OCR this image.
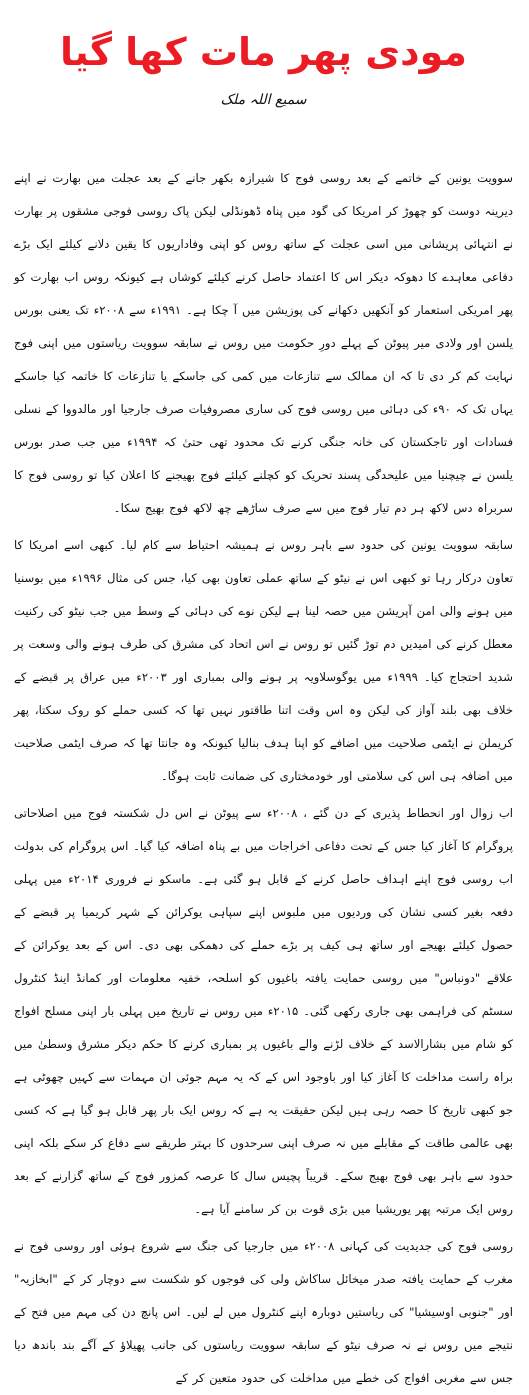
مودی پھر مات کھا گیا
سمیع اللہ ملک

سوویت یونین کے خاتمے کے بعد روسی فوج کا شیرازہ بکھر جانے کے بعد عجلت میں بھارت نے اپنے دیرینہ دوست کو چھوڑ کر امریکا کی گود میں پناہ ڈھونڈلی لیکن پاک روسی فوجی مشقوں پر بھارت نے انتہائی پریشانی میں اسی عجلت کے ساتھ روس کو اپنی وفاداریوں کا یقین دلانے کیلئے ایک بڑے دفاعی معاہدے کا دھوکہ دیکر اس کا اعتماد حاصل کرنے کیلئے کوشاں ہے کیونکہ روس اب بھارت کو پھر امریکی استعمار کو آنکھیں دکھانے کی پوزیشن میں آ چکا ہے۔ ۱۹۹۱ء سے ۲۰۰۸ء تک یعنی بورس یلسن اور ولادی میر پیوٹن کے پہلے دورِ حکومت میں روس نے سابقہ سوویت ریاستوں میں اپنی فوج نہایت کم کر دی تا کہ ان ممالک سے تنازعات میں کمی کی جاسکے یا تنازعات کا خاتمہ کیا جاسکے یہاں تک کہ ۹۰ء کی دہائی میں روسی فوج کی ساری مصروفیات صرف جارجیا اور مالدووا کے نسلی فسادات اور تاجکستان کی خانہ جنگی کرنے تک محدود تھی حتیٰ کہ ۱۹۹۴ء میں جب صدر بورس یلسن نے چیچنیا میں علیحدگی پسند تحریک کو کچلنے کیلئے فوج بھیجنے کا اعلان کیا تو روسی فوج کا سربراہ دس لاکھ ہر دم تیار فوج میں سے صرف ساڑھے چھ لاکھ فوج بھیج سکا۔

سابقہ سوویت یونین کی حدود سے باہر روس نے ہمیشہ احتیاط سے کام لیا۔ کبھی اسے امریکا کا تعاون درکار رہا تو کبھی اس نے نیٹو کے ساتھ عملی تعاون بھی کیا، جس کی مثال ۱۹۹۶ء میں بوسنیا میں ہونے والی امن آپریشن میں حصہ لینا ہے لیکن نوے کی دہائی کے وسط میں جب نیٹو کی رکنیت معطل کرنے کی امیدیں دم توڑ گئیں تو روس نے اس اتحاد کی مشرق کی طرف ہونے والی وسعت پر شدید احتجاج کیا۔ ۱۹۹۹ء میں یوگوسلاویہ پر ہونے والی بمباری اور ۲۰۰۳ء میں عراق پر قبضے کے خلاف بھی بلند آواز کی لیکن وہ اس وقت اتنا طاقتور نہیں تھا کہ کسی حملے کو روک سکتا، پھر کریملن نے ایٹمی صلاحیت میں اضافے کو اپنا ہدف بنالیا کیونکہ وہ جانتا تھا کہ صرف ایٹمی صلاحیت میں اضافہ ہی اس کی سلامتی اور خودمختاری کی ضمانت ثابت ہوگا۔

اب زوال اور انحطاط پذیری کے دن گئے ، ۲۰۰۸ء سے پیوٹن نے اس دل شکستہ فوج میں اصلاحاتی پروگرام کا آغاز کیا جس کے تحت دفاعی اخراجات میں بے پناہ اضافہ کیا گیا۔ اس پروگرام کی بدولت اب روسی فوج اپنے اہداف حاصل کرنے کے قابل ہو گئی ہے۔ ماسکو نے فروری ۲۰۱۴ء میں پہلی دفعہ بغیر کسی نشان کی وردیوں میں ملبوس اپنے سپاہی یوکرائن کے شہر کریمیا پر قبضے کے حصول کیلئے بھیجے اور ساتھ ہی کیف پر بڑے حملے کی دھمکی بھی دی۔ اس کے بعد یوکرائن کے علاقے "دونباس" میں روسی حمایت یافتہ باغیوں کو اسلحہ، خفیہ معلومات اور کمانڈ اینڈ کنٹرول سسٹم کی فراہمی بھی جاری رکھی گئی۔ ۲۰۱۵ء میں روس نے تاریخ میں پہلی بار اپنی مسلح افواج کو شام میں بشارالاسد کے خلاف لڑنے والے باغیوں پر بمباری کرنے کا حکم دیکر مشرق وسطیٰ میں براہ راست مداخلت کا آغاز کیا اور باوجود اس کے کہ یہ مہم جوئی ان مہمات سے کہیں چھوٹی ہے جو کبھی تاریخ کا حصہ رہی ہیں لیکن حقیقت یہ ہے کہ روس ایک بار پھر قابل ہو گیا ہے کہ کسی بھی عالمی طاقت کے مقابلے میں نہ صرف اپنی سرحدوں کا بہتر طریقے سے دفاع کر سکے بلکہ اپنی حدود سے باہر بھی فوج بھیج سکے۔ قریباً پچیس سال کا عرصہ کمزور فوج کے ساتھ گزارنے کے بعد روس ایک مرتبہ پھر یوریشیا میں بڑی قوت بن کر سامنے آیا ہے۔

روسی فوج کی جدیدیت کی کہانی ۲۰۰۸ء میں جارجیا کی جنگ سے شروع ہوئی اور روسی فوج نے مغرب کے حمایت یافتہ صدر میخائل ساکاش ولی کی فوجوں کو شکست سے دوچار کر کے "ابخازیہ" اور "جنوبی اوسیشیا" کی ریاستیں دوبارہ اپنے کنٹرول میں لے لیں۔ اس پانچ دن کی مہم میں فتح کے نتیجے میں روس نے نہ صرف نیٹو کے سابقہ سوویت ریاستوں کی جانب پھیلاؤ کے آگے بند باندھ دیا جس سے مغربی افواج کی خطے میں مداخلت کی حدود متعین کر کے
